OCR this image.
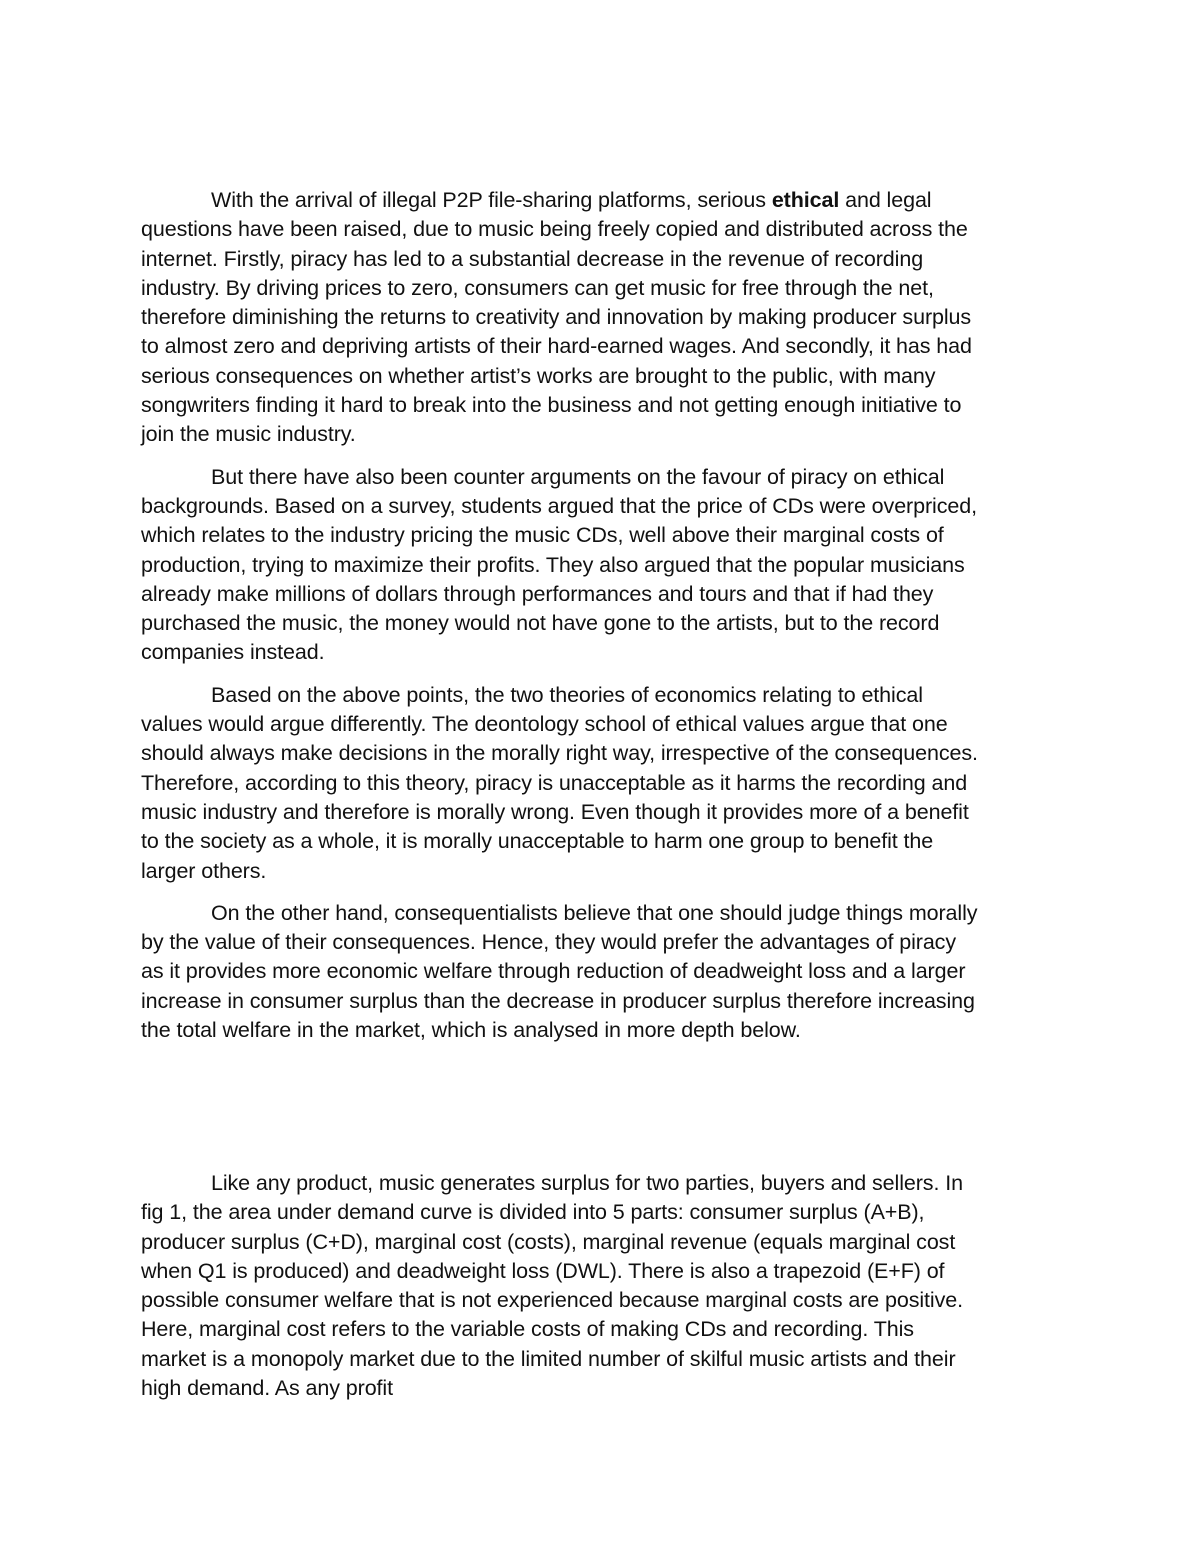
With the arrival of illegal P2P file-sharing platforms, serious ethical and legal questions have been raised, due to music being freely copied and distributed across the internet. Firstly, piracy has led to a substantial decrease in the revenue of recording industry. By driving prices to zero, consumers can get music for free through the net, therefore diminishing the returns to creativity and innovation by making producer surplus to almost zero and depriving artists of their hard-earned wages. And secondly, it has had serious consequences on whether artist’s works are brought to the public, with many songwriters finding it hard to break into the business and not getting enough initiative to join the music industry.

But there have also been counter arguments on the favour of piracy on ethical backgrounds. Based on a survey, students argued that the price of CDs were overpriced, which relates to the industry pricing the music CDs, well above their marginal costs of production, trying to maximize their profits. They also argued that the popular musicians already make millions of dollars through performances and tours and that if had they purchased the music, the money would not have gone to the artists, but to the record companies instead.

Based on the above points, the two theories of economics relating to ethical values would argue differently. The deontology school of ethical values argue that one should always make decisions in the morally right way, irrespective of the consequences. Therefore, according to this theory, piracy is unacceptable as it harms the recording and music industry and therefore is morally wrong. Even though it provides more of a benefit to the society as a whole, it is morally unacceptable to harm one group to benefit the larger others.

On the other hand, consequentialists believe that one should judge things morally by the value of their consequences. Hence, they would prefer the advantages of piracy as it provides more economic welfare through reduction of deadweight loss and a larger increase in consumer surplus than the decrease in producer surplus therefore increasing the total welfare in the market, which is analysed in more depth below.

Like any product, music generates surplus for two parties, buyers and sellers. In fig 1, the area under demand curve is divided into 5 parts: consumer surplus (A+B), producer surplus (C+D), marginal cost (costs), marginal revenue (equals marginal cost when Q1 is produced) and deadweight loss (DWL). There is also a trapezoid (E+F) of possible consumer welfare that is not experienced because marginal costs are positive. Here, marginal cost refers to the variable costs of making CDs and recording. This market is a monopoly market due to the limited number of skilful music artists and their high demand. As any profit
